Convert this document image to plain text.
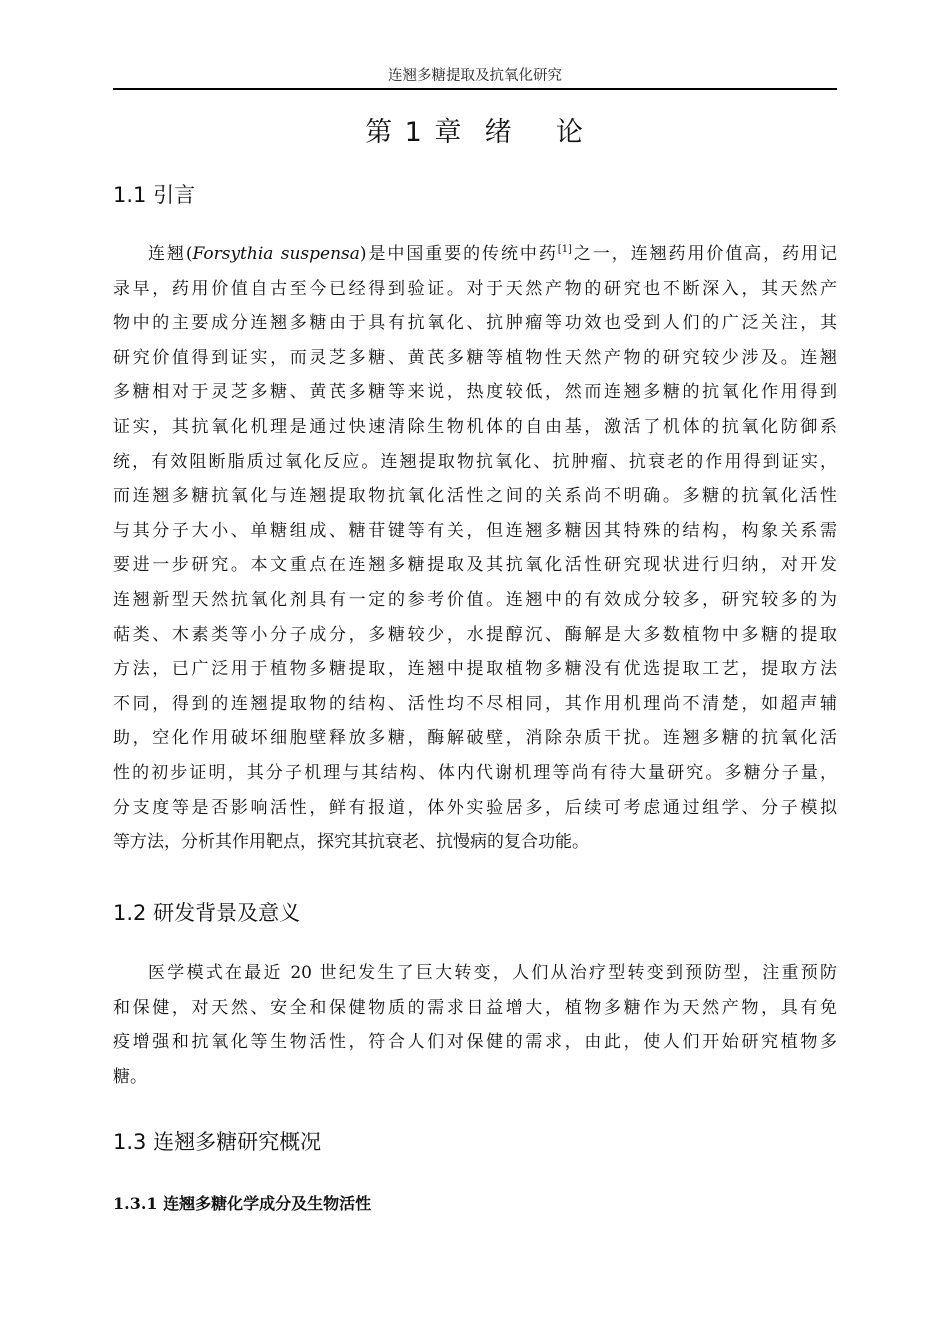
连翘多糖提取及抗氧化研究
第 1 章  绪    论
1.1 引言
连翘(Forsythia suspensa)是中国重要的传统中药[1]之一，连翘药用价值高，药用记
录早，药用价值自古至今已经得到验证。对于天然产物的研究也不断深入，其天然产
物中的主要成分连翘多糖由于具有抗氧化、抗肿瘤等功效也受到人们的广泛关注，其
研究价值得到证实，而灵芝多糖、黄芪多糖等植物性天然产物的研究较少涉及。连翘
多糖相对于灵芝多糖、黄芪多糖等来说，热度较低，然而连翘多糖的抗氧化作用得到
证实，其抗氧化机理是通过快速清除生物机体的自由基，激活了机体的抗氧化防御系
统，有效阻断脂质过氧化反应。连翘提取物抗氧化、抗肿瘤、抗衰老的作用得到证实，
而连翘多糖抗氧化与连翘提取物抗氧化活性之间的关系尚不明确。多糖的抗氧化活性
与其分子大小、单糖组成、糖苷键等有关，但连翘多糖因其特殊的结构，构象关系需
要进一步研究。本文重点在连翘多糖提取及其抗氧化活性研究现状进行归纳，对开发
连翘新型天然抗氧化剂具有一定的参考价值。连翘中的有效成分较多，研究较多的为
萜类、木素类等小分子成分，多糖较少，水提醇沉、酶解是大多数植物中多糖的提取
方法，已广泛用于植物多糖提取，连翘中提取植物多糖没有优选提取工艺，提取方法
不同，得到的连翘提取物的结构、活性均不尽相同，其作用机理尚不清楚，如超声辅
助，空化作用破坏细胞壁释放多糖，酶解破壁，消除杂质干扰。连翘多糖的抗氧化活
性的初步证明，其分子机理与其结构、体内代谢机理等尚有待大量研究。多糖分子量，
分支度等是否影响活性，鲜有报道，体外实验居多，后续可考虑通过组学、分子模拟
等方法，分析其作用靶点，探究其抗衰老、抗慢病的复合功能。
1.2 研发背景及意义
医学模式在最近 20 世纪发生了巨大转变，人们从治疗型转变到预防型，注重预防
和保健，对天然、安全和保健物质的需求日益增大，植物多糖作为天然产物，具有免
疫增强和抗氧化等生物活性，符合人们对保健的需求，由此，使人们开始研究植物多
糖。
1.3 连翘多糖研究概况
1.3.1 连翘多糖化学成分及生物活性
